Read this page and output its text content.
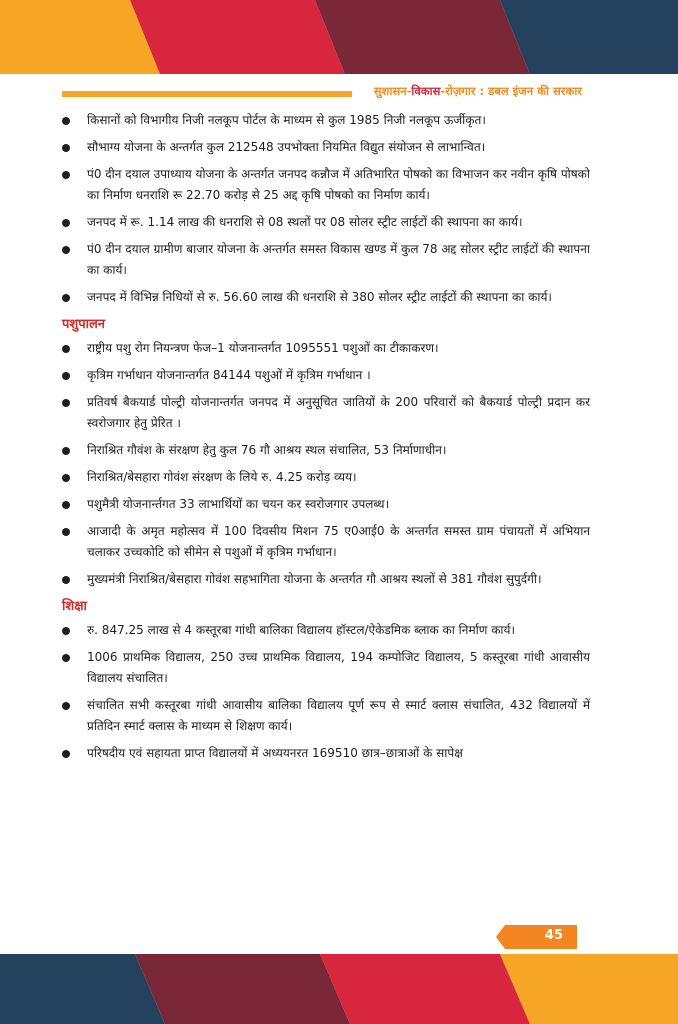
सुशासन-विकास-रोज़गार : डबल इंजन की सरकार
किसानों को विभागीय निजी नलकूप पोर्टल के माध्यम से कुल 1985 निजी नलकूप ऊर्जीकृत।
सौभाग्य योजना के अन्तर्गत कुल 212548 उपभोक्ता नियमित विद्युत संयोजन से लाभान्वित।
पं0 दीन दयाल उपाध्याय योजना के अन्तर्गत जनपद कन्नौज में अतिभारित पोषको का विभाजन कर नवीन कृषि पोषको का निर्माण धनराशि रू 22.70 करोड़ से 25 अद्द कृषि पोषको का निर्माण कार्य।
जनपद में रू. 1.14 लाख की धनराशि से 08 स्थलों पर 08 सोलर स्ट्रीट लाईटों की स्थापना का कार्य।
पं0 दीन दयाल ग्रामीण बाजार योजना के अन्तर्गत समस्त विकास खण्ड में कुल 78 अद्द सोलर स्ट्रीट लाईटों की स्थापना का कार्य।
जनपद में विभिन्न निधियों से रु. 56.60 लाख की धनराशि से 380 सोलर स्ट्रीट लाईटों की स्थापना का कार्य।
पशुपालन
राष्ट्रीय पशु रोग नियन्त्रण फेज–1 योजनान्तर्गत 1095551 पशुओं का टीकाकरण।
कृत्रिम गर्भाधान योजनान्तर्गत 84144 पशुओं में कृत्रिम गर्भाधान ।
प्रतिवर्ष बैकयार्ड पोल्ट्री योजनान्तर्गत जनपद में अनुसूचित जातियों के 200 परिवारों को बैकयार्ड पोल्ट्री प्रदान कर स्वरोजगार हेतु प्रेरित ।
निराश्रित गौवंश के संरक्षण हेतु कुल 76 गौ आश्रय स्थल संचालित, 53 निर्माणाधीन।
निराश्रित/बेसहारा गोवंश संरक्षण के लिये रु. 4.25 करोड़ व्यय।
पशुमैत्री योजनार्न्तगत 33 लाभार्थियों का चयन कर स्वरोजगार उपलब्ध।
आजादी के अमृत महोत्सव में 100 दिवसीय मिशन 75 ए0आई0 के अन्तर्गत समस्त ग्राम पंचायतों में अभियान चलाकर उच्चकोटि को सीमेन से पशुओं में कृत्रिम गर्भाधान।
मुख्यमंत्री निराश्रित/बेसहारा गोवंश सहभागिता योजना के अन्तर्गत गौ आश्रय स्थलों से 381 गौवंश सुपुर्दगी।
शिक्षा
रु. 847.25 लाख से 4 कस्तूरबा गांधी बालिका विद्यालय हॉस्टल/ऐकेडमिक ब्लाक का निर्माण कार्य।
1006 प्राथमिक विद्यालय, 250 उच्च प्राथमिक विद्यालय, 194 कम्पोजिट विद्यालय, 5 कस्तूरबा गांधी आवासीय विद्यालय संचालित।
संचालित सभी कस्तूरबा गांधी आवासीय बालिका विद्यालय पूर्ण रूप से स्मार्ट क्लास संचालित, 432 विद्यालयों में प्रतिदिन स्मार्ट क्लास के माध्यम से शिक्षण कार्य।
परिषदीय एवं सहायता प्राप्त विद्यालयों में अध्ययनरत 169510 छात्र–छात्राओं के सापेक्ष
45
